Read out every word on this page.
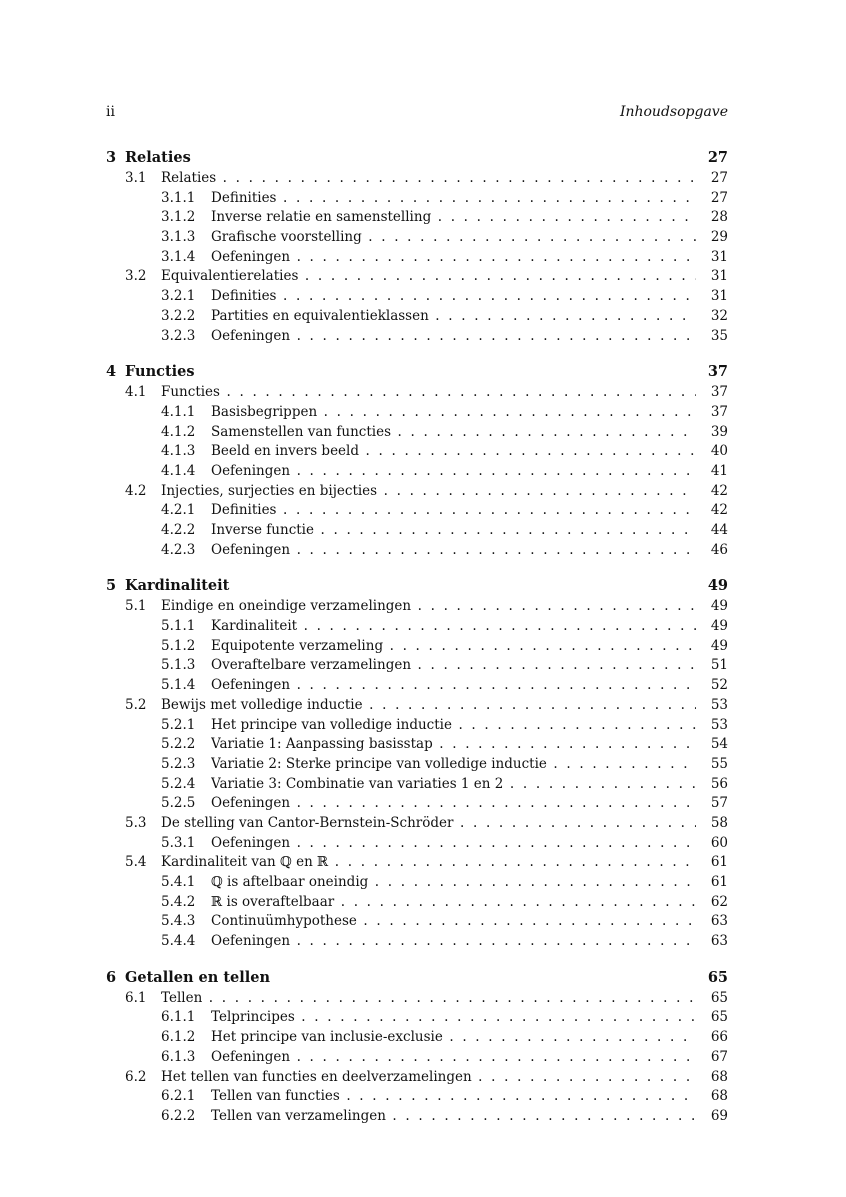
ii	Inhoudsopgave
3 Relaties	27
3.1 Relaties . . .	27
3.1.1 Definities . . .	27
3.1.2 Inverse relatie en samenstelling . . .	28
3.1.3 Grafische voorstelling . . .	29
3.1.4 Oefeningen . . .	31
3.2 Equivalentierelaties . . .	31
3.2.1 Definities . . .	31
3.2.2 Partities en equivalentieklassen . . .	32
3.2.3 Oefeningen . . .	35
4 Functies	37
4.1 Functies . . .	37
4.1.1 Basisbegrippen . . .	37
4.1.2 Samenstellen van functies . . .	39
4.1.3 Beeld en invers beeld . . .	40
4.1.4 Oefeningen . . .	41
4.2 Injecties, surjecties en bijecties . . .	42
4.2.1 Definities . . .	42
4.2.2 Inverse functie . . .	44
4.2.3 Oefeningen . . .	46
5 Kardinaliteit	49
5.1 Eindige en oneindige verzamelingen . . .	49
5.1.1 Kardinaliteit . . .	49
5.1.2 Equipotente verzameling . . .	49
5.1.3 Overaftelbare verzamelingen . . .	51
5.1.4 Oefeningen . . .	52
5.2 Bewijs met volledige inductie . . .	53
5.2.1 Het principe van volledige inductie . . .	53
5.2.2 Variatie 1: Aanpassing basisstap . . .	54
5.2.3 Variatie 2: Sterke principe van volledige inductie . . .	55
5.2.4 Variatie 3: Combinatie van variaties 1 en 2 . . .	56
5.2.5 Oefeningen . . .	57
5.3 De stelling van Cantor-Bernstein-Schröder . . .	58
5.3.1 Oefeningen . . .	60
5.4 Kardinaliteit van ℚ en ℝ . . .	61
5.4.1 ℚ is aftelbaar oneindig . . .	61
5.4.2 ℝ is overaftelbaar . . .	62
5.4.3 Continuümhypothese . . .	63
5.4.4 Oefeningen . . .	63
6 Getallen en tellen	65
6.1 Tellen . . .	65
6.1.1 Telprincipes . . .	65
6.1.2 Het principe van inclusie-exclusie . . .	66
6.1.3 Oefeningen . . .	67
6.2 Het tellen van functies en deelverzamelingen . . .	68
6.2.1 Tellen van functies . . .	68
6.2.2 Tellen van verzamelingen . . .	69
